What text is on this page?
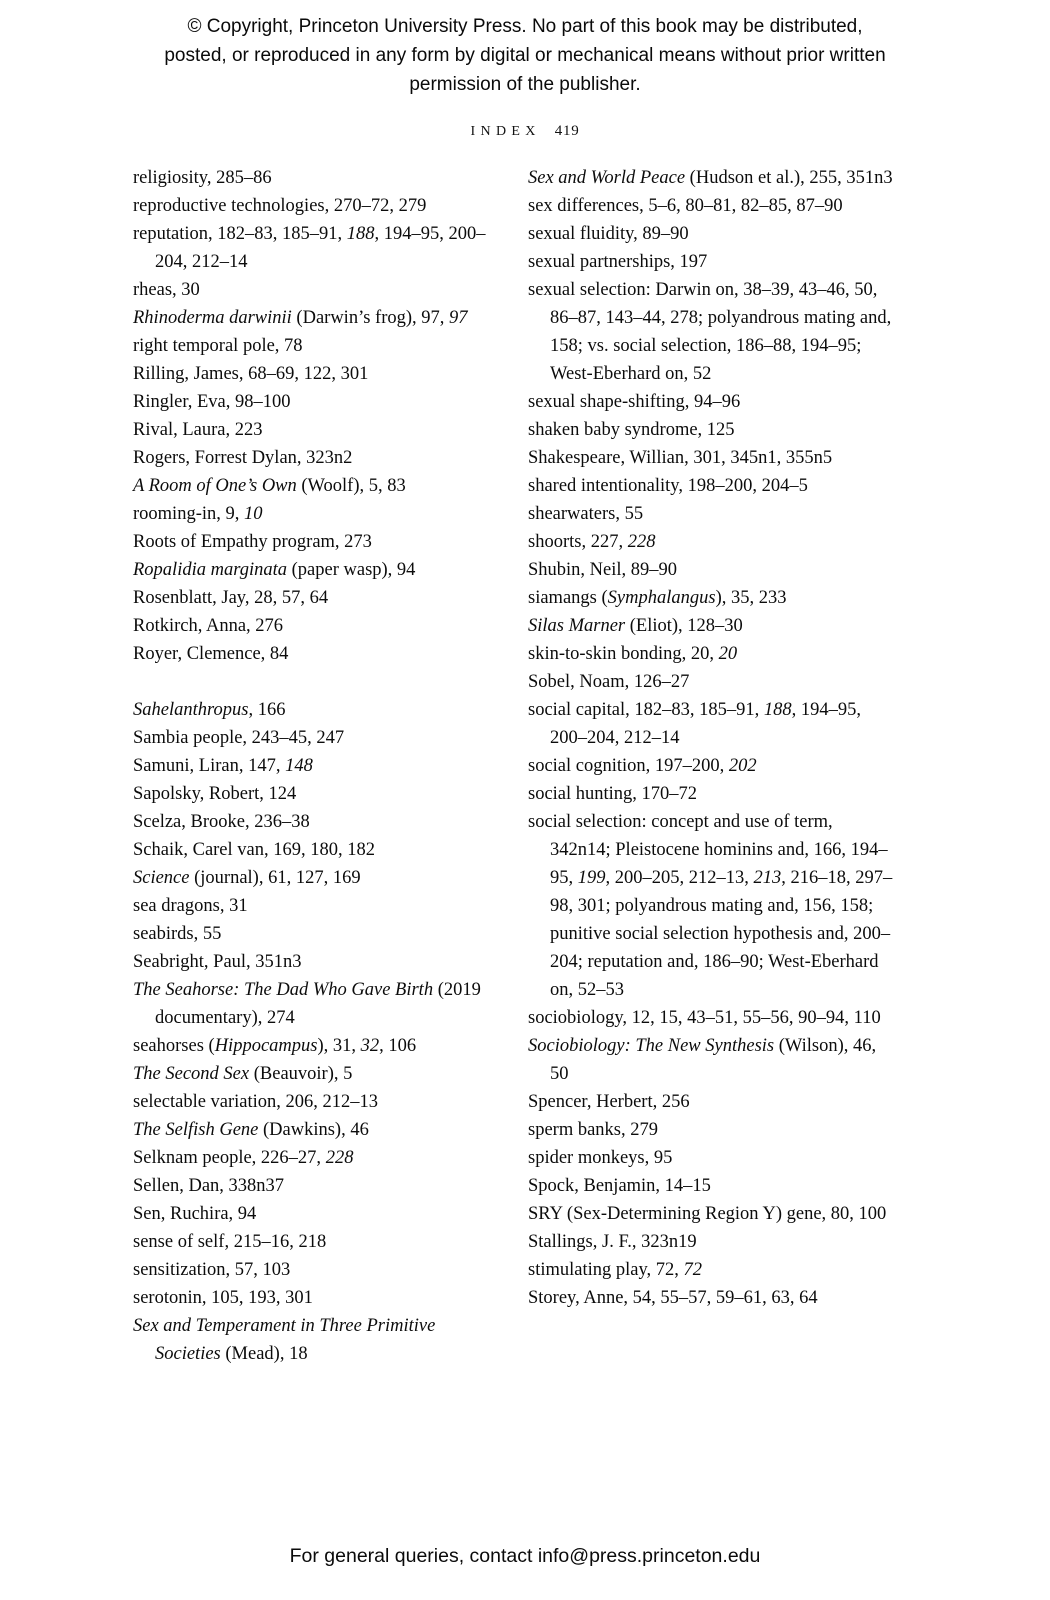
© Copyright, Princeton University Press. No part of this book may be distributed, posted, or reproduced in any form by digital or mechanical means without prior written permission of the publisher.
INDEX 419

religiosity, 285–86

reproductive technologies, 270–72, 279

reputation, 182–83, 185–91, 188, 194–95, 200–204, 212–14

rheas, 30

Rhinoderma darwinii (Darwin’s frog), 97, 97

right temporal pole, 78

Rilling, James, 68–69, 122, 301

Ringler, Eva, 98–100

Rival, Laura, 223

Rogers, Forrest Dylan, 323n2

A Room of One’s Own (Woolf), 5, 83

rooming-in, 9, 10

Roots of Empathy program, 273

Ropalidia marginata (paper wasp), 94

Rosenblatt, Jay, 28, 57, 64

Rotkirch, Anna, 276

Royer, Clemence, 84

Sahelanthropus, 166

Sambia people, 243–45, 247

Samuni, Liran, 147, 148

Sapolsky, Robert, 124

Scelza, Brooke, 236–38

Schaik, Carel van, 169, 180, 182

Science (journal), 61, 127, 169

sea dragons, 31

seabirds, 55

Seabright, Paul, 351n3

The Seahorse: The Dad Who Gave Birth (2019 documentary), 274

seahorses (Hippocampus), 31, 32, 106

The Second Sex (Beauvoir), 5

selectable variation, 206, 212–13

The Selfish Gene (Dawkins), 46

Selknam people, 226–27, 228

Sellen, Dan, 338n37

Sen, Ruchira, 94

sense of self, 215–16, 218

sensitization, 57, 103

serotonin, 105, 193, 301

Sex and Temperament in Three Primitive Societies (Mead), 18

Sex and World Peace (Hudson et al.), 255, 351n3

sex differences, 5–6, 80–81, 82–85, 87–90

sexual fluidity, 89–90

sexual partnerships, 197

sexual selection: Darwin on, 38–39, 43–46, 50, 86–87, 143–44, 278; polyandrous mating and, 158; vs. social selection, 186–88, 194–95; West-Eberhard on, 52

sexual shape-shifting, 94–96

shaken baby syndrome, 125

Shakespeare, Willian, 301, 345n1, 355n5

shared intentionality, 198–200, 204–5

shearwaters, 55

shoorts, 227, 228

Shubin, Neil, 89–90

siamangs (Symphalangus), 35, 233

Silas Marner (Eliot), 128–30

skin-to-skin bonding, 20, 20

Sobel, Noam, 126–27

social capital, 182–83, 185–91, 188, 194–95, 200–204, 212–14

social cognition, 197–200, 202

social hunting, 170–72

social selection: concept and use of term, 342n14; Pleistocene hominins and, 166, 194–95, 199, 200–205, 212–13, 213, 216–18, 297–98, 301; polyandrous mating and, 156, 158; punitive social selection hypothesis and, 200–204; reputation and, 186–90; West-Eberhard on, 52–53

sociobiology, 12, 15, 43–51, 55–56, 90–94, 110

Sociobiology: The New Synthesis (Wilson), 46, 50

Spencer, Herbert, 256

sperm banks, 279

spider monkeys, 95

Spock, Benjamin, 14–15

SRY (Sex-Determining Region Y) gene, 80, 100

Stallings, J. F., 323n19

stimulating play, 72, 72

Storey, Anne, 54, 55–57, 59–61, 63, 64

For general queries, contact info@press.princeton.edu
